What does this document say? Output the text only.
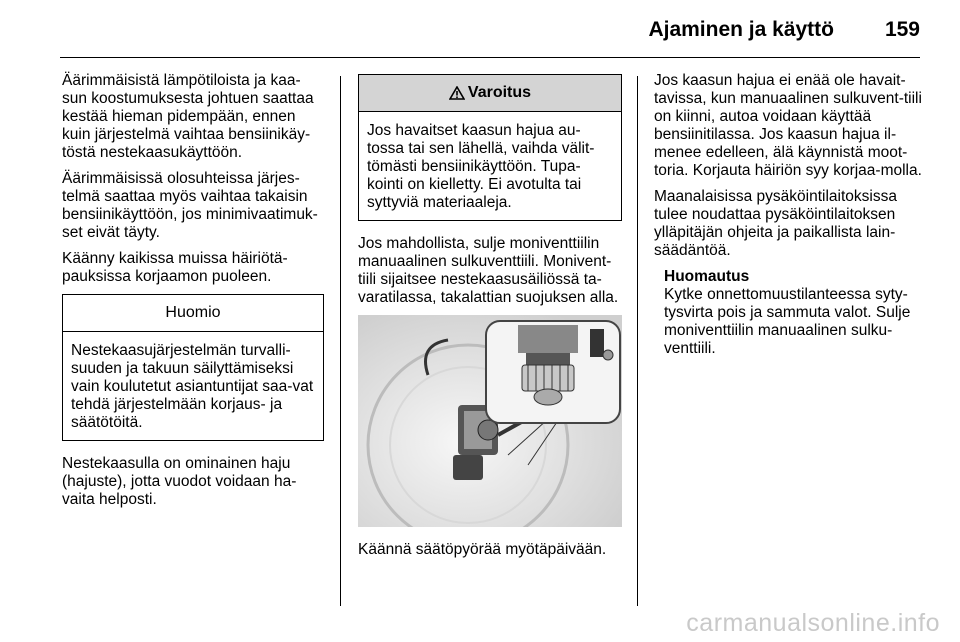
Ajaminen ja käyttö 159

Äärimmäisistä lämpötiloista ja kaa-sun koostumuksesta johtuen saattaa kestää hieman pidempään, ennen kuin järjestelmä vaihtaa bensiinikäy-töstä nestekaasukäyttöön.

Äärimmäisissä olosuhteissa järjes-telmä saattaa myös vaihtaa takaisin bensiinikäyttöön, jos minimivaatimuk-set eivät täyty.

Käänny kaikissa muissa häiriötä-pauksissa korjaamon puoleen.

Huomio
Nestekaasujärjestelmän turvalli-suuden ja takuun säilyttämiseksi vain koulutetut asiantuntijat saa-vat tehdä järjestelmään korjaus- ja säätötöitä.

Nestekaasulla on ominainen haju (hajuste), jotta vuodot voidaan ha-vaita helposti.

Varoitus
Jos havaitset kaasun hajua au-tossa tai sen lähellä, vaihda välit-tömästi bensiinikäyttöön. Tupa-kointi on kielletty. Ei avotulta tai syttyviä materiaaleja.

Jos mahdollista, sulje moniventtiilin manuaalinen sulkuventtiili. Monivent-tiili sijaitsee nestekaasusäiliössä ta-varatilassa, takalattian suojuksen alla.

Käännä säätöpyörää myötäpäivään.

Jos kaasun hajua ei enää ole havait-tavissa, kun manuaalinen sulkuvent-tiili on kiinni, autoa voidaan käyttää bensiinitilassa. Jos kaasun hajua il-menee edelleen, älä käynnistä moot-toria. Korjauta häiriön syy korjaa-molla.

Maanalaisissa pysäköintilaitoksissa tulee noudattaa pysäköintilaitoksen ylläpitäjän ohjeita ja paikallista lain-säädäntöä.

Huomautus
Kytke onnettomuustilanteessa syty-tysvirta pois ja sammuta valot. Sulje moniventtiilin manuaalinen sulku-venttiili.
carmanualsonline.info
